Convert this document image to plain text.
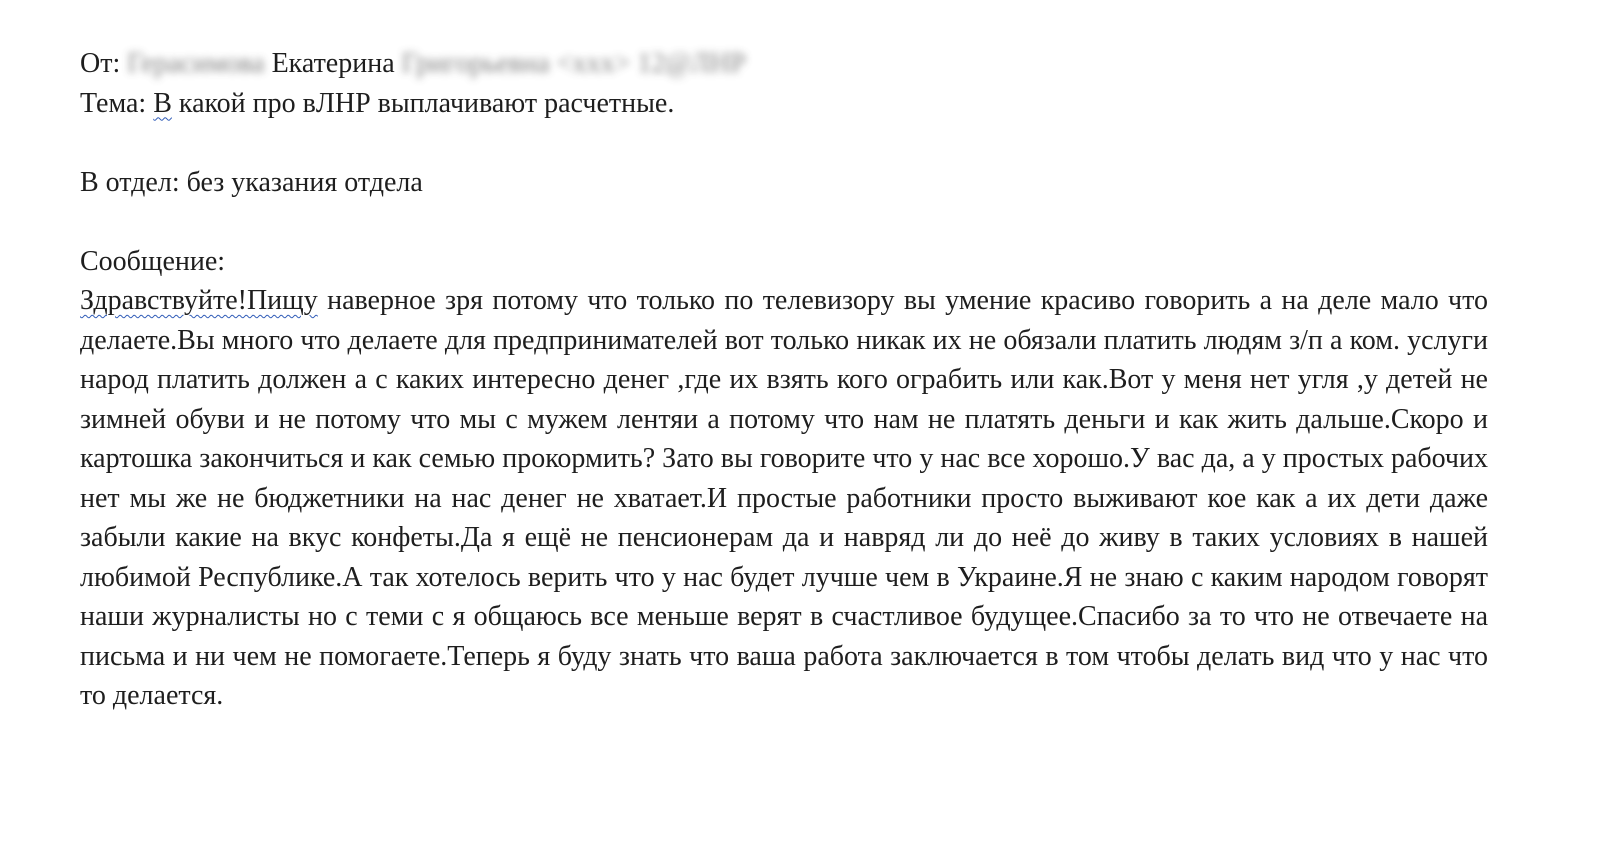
От: Герасимова Екатерина Григорьевна <ххх> 12@ЛНР
Тема: В какой про вЛНР выплачивают расчетные.
В отдел: без указания отдела
Сообщение:
Здравствуйте!Пищу наверное зря потому что только по телевизору вы умение красиво говорить а на деле мало что делаете.Вы много что делаете для предпринимателей вот только никак их не обязали платить людям з/п а ком. услуги народ платить должен а с каких интересно денег ,где их взять кого ограбить или как.Вот у меня нет угля ,у детей не зимней обуви и не потому что мы с мужем лентяи а потому что нам не платять деньги и как жить дальше.Скоро и картошка закончиться и как семью прокормить? Зато вы говорите что у нас все хорошо.У вас да, а у простых рабочих нет мы же не бюджетники на нас денег не хватает.И простые работники просто выживают кое как а их дети даже забыли какие на вкус конфеты.Да я ещё не пенсионерам да и навряд ли до неё до живу в таких условиях в нашей любимой Республике.А так хотелось верить что у нас будет лучше чем в Украине.Я не знаю с каким народом говорят наши журналисты но с теми с я общаюсь все меньше верят в счастливое будущее.Спасибо за то что не отвечаете на письма и ни чем не помогаете.Теперь я буду знать что ваша работа заключается в том чтобы делать вид что у нас что то делается.
